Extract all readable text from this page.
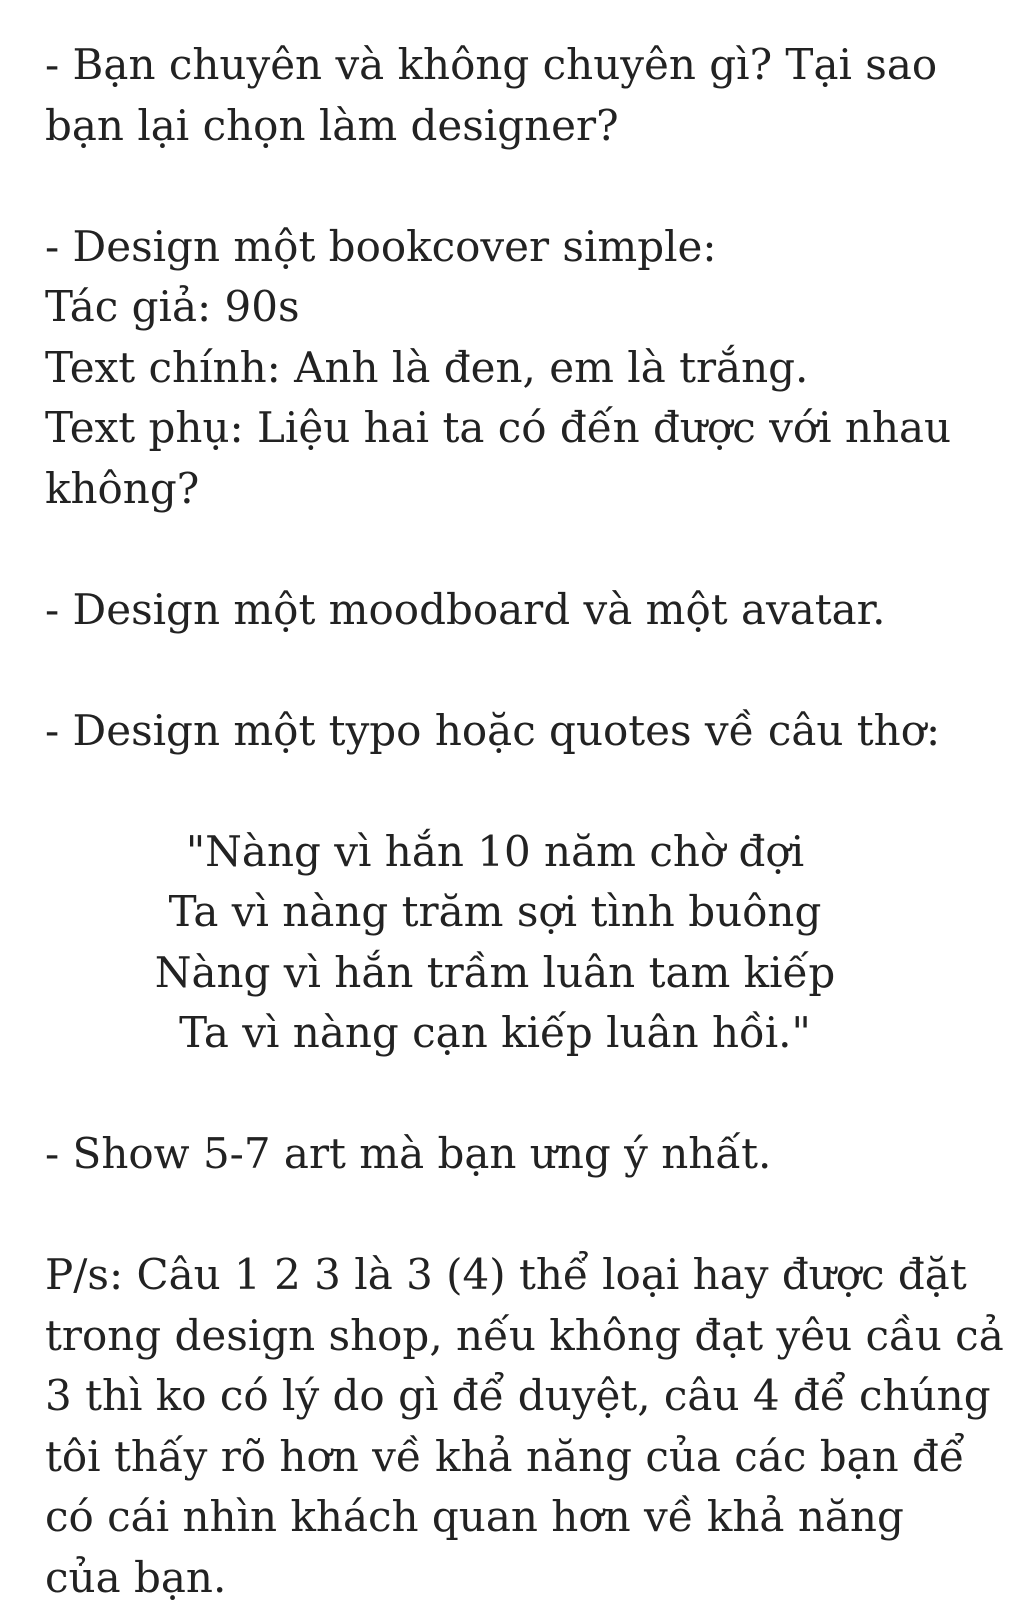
- Bạn chuyên và không chuyên gì? Tại sao
bạn lại chọn làm designer?
- Design một bookcover simple:
Tác giả: 90s
Text chính: Anh là đen, em là trắng.
Text phụ: Liệu hai ta có đến được với nhau
không?
- Design một moodboard và một avatar.
- Design một typo hoặc quotes về câu thơ:
"Nàng vì hắn 10 năm chờ đợi
Ta vì nàng trăm sợi tình buông
Nàng vì hắn trầm luân tam kiếp
Ta vì nàng cạn kiếp luân hồi."
- Show 5-7 art mà bạn ưng ý nhất.
P/s: Câu 1 2 3 là 3 (4) thể loại hay được đặt
trong design shop, nếu không đạt yêu cầu cả
3 thì ko có lý do gì để duyệt, câu 4 để chúng
tôi thấy rõ hơn về khả năng của các bạn để
có cái nhìn khách quan hơn về khả năng
của bạn.
